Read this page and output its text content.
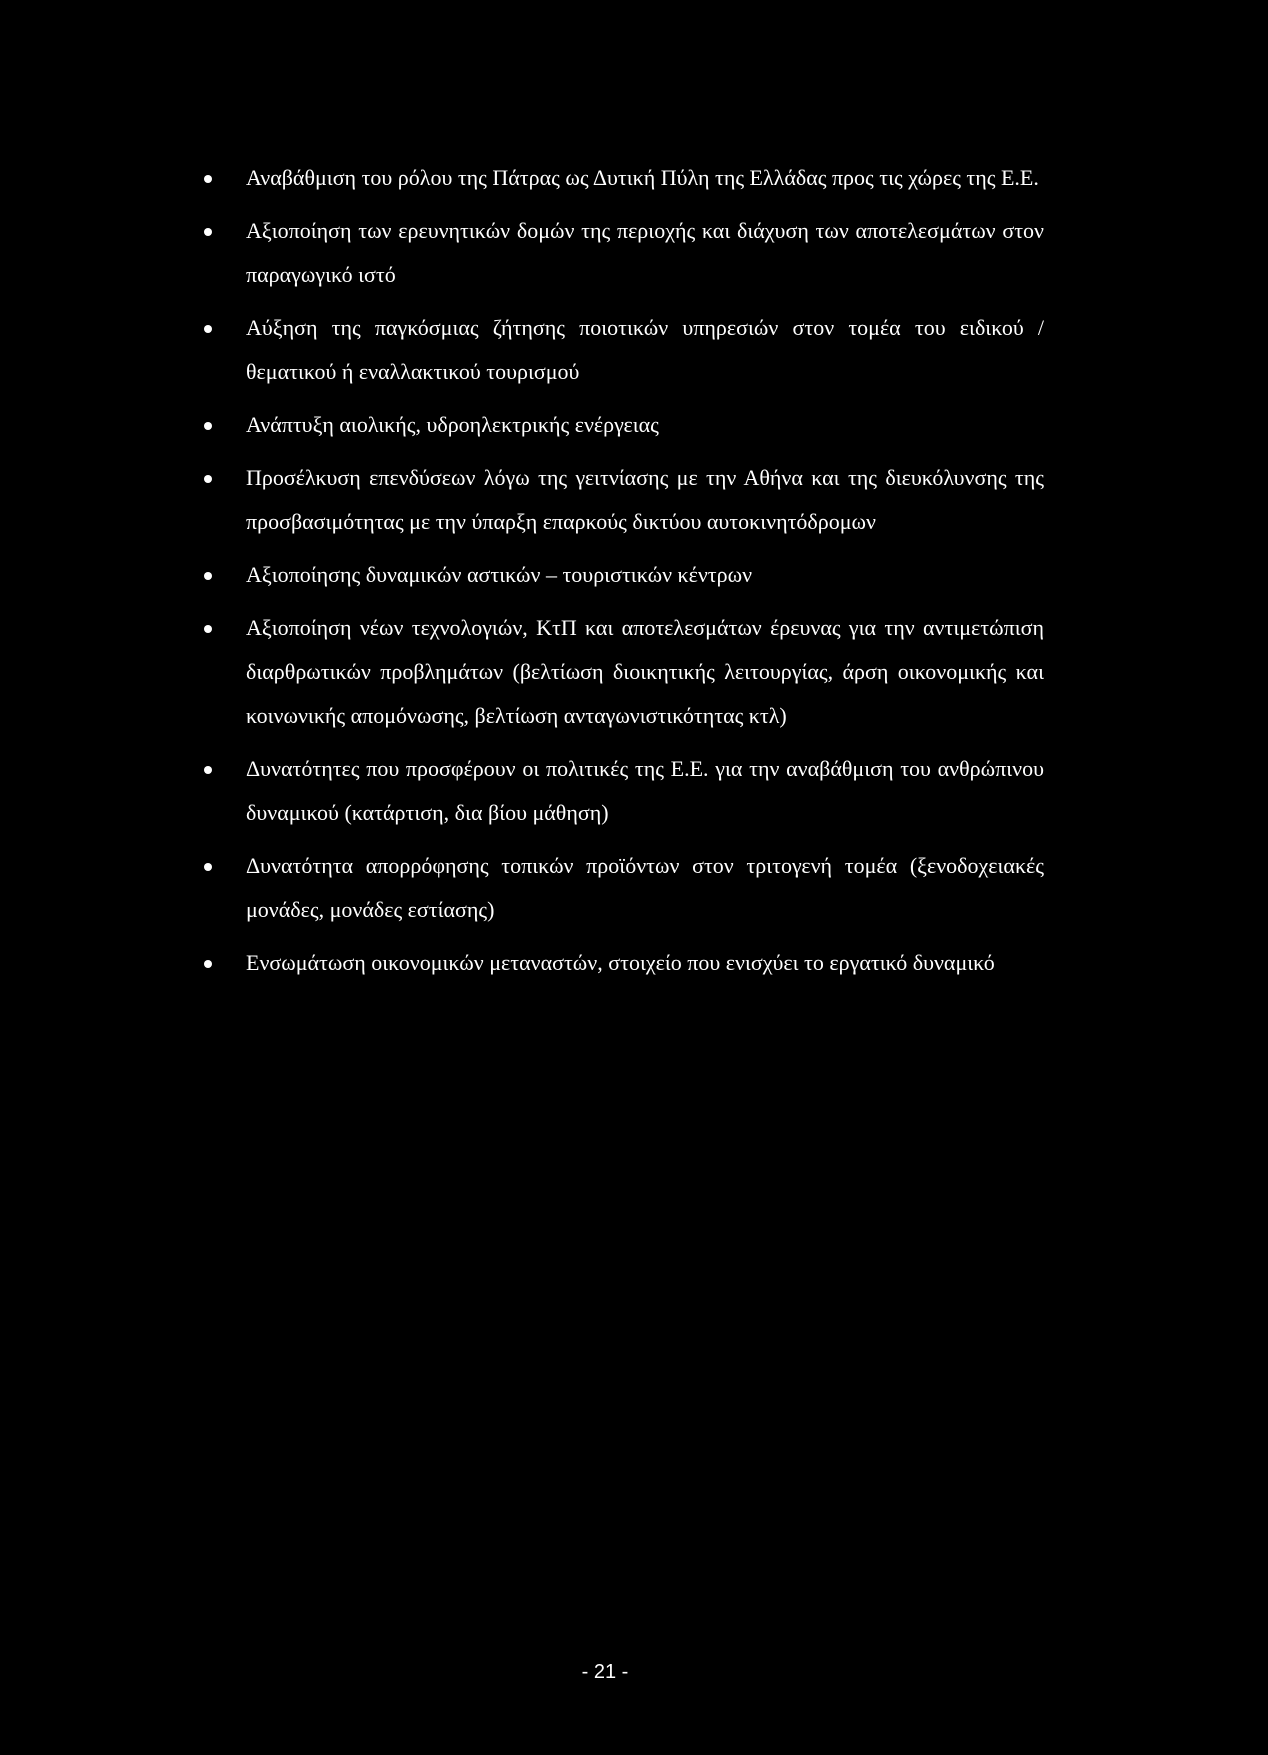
Αναβάθμιση του ρόλου της Πάτρας ως Δυτική Πύλη της Ελλάδας προς τις χώρες της Ε.Ε.
Αξιοποίηση των ερευνητικών δομών της περιοχής και διάχυση των αποτελεσμάτων στον παραγωγικό ιστό
Αύξηση της παγκόσμιας ζήτησης ποιοτικών υπηρεσιών στον τομέα του ειδικού / θεματικού ή εναλλακτικού τουρισμού
Ανάπτυξη αιολικής, υδροηλεκτρικής ενέργειας
Προσέλκυση επενδύσεων λόγω της γειτνίασης με την Αθήνα και της διευκόλυνσης της προσβασιμότητας με την ύπαρξη επαρκούς δικτύου αυτοκινητόδρομων
Αξιοποίησης δυναμικών αστικών – τουριστικών κέντρων
Αξιοποίηση νέων τεχνολογιών, ΚτΠ και αποτελεσμάτων έρευνας για την αντιμετώπιση διαρθρωτικών προβλημάτων (βελτίωση διοικητικής λειτουργίας, άρση οικονομικής και κοινωνικής απομόνωσης, βελτίωση ανταγωνιστικότητας κτλ)
Δυνατότητες που προσφέρουν οι πολιτικές της Ε.Ε. για την αναβάθμιση του ανθρώπινου δυναμικού (κατάρτιση, δια βίου μάθηση)
Δυνατότητα απορρόφησης τοπικών προϊόντων στον τριτογενή τομέα (ξενοδοχειακές μονάδες, μονάδες εστίασης)
Ενσωμάτωση οικονομικών μεταναστών, στοιχείο που ενισχύει το εργατικό δυναμικό
- 21 -
